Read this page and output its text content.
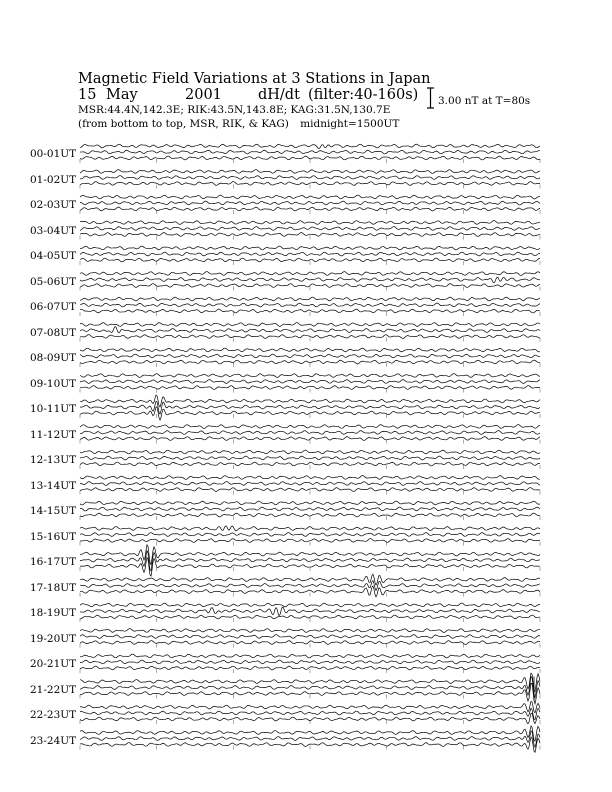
Magnetic Field Variations at 3 Stations in Japan
15 May	2001 dH/dt (filter:40-160s)
MSR:44.4N,142.3E; RIK:43.5N,143.8E; KAG:31.5N,130.7E
(from bottom to top, MSR, RIK, & KAG) midnight=1500UT
3.00 nT at T=80s
00-01UT
01-02UT
02-03UT
03-04UT
04-05UT
05-06UT
06-07UT
07-08UT
08-09UT
09-10UT
10-11UT
11-12UT
12-13UT
13-14UT
14-15UT
15-16UT
16-17UT
17-18UT
18-19UT
19-20UT
20-21UT
21-22UT
22-23UT
23-24UT
